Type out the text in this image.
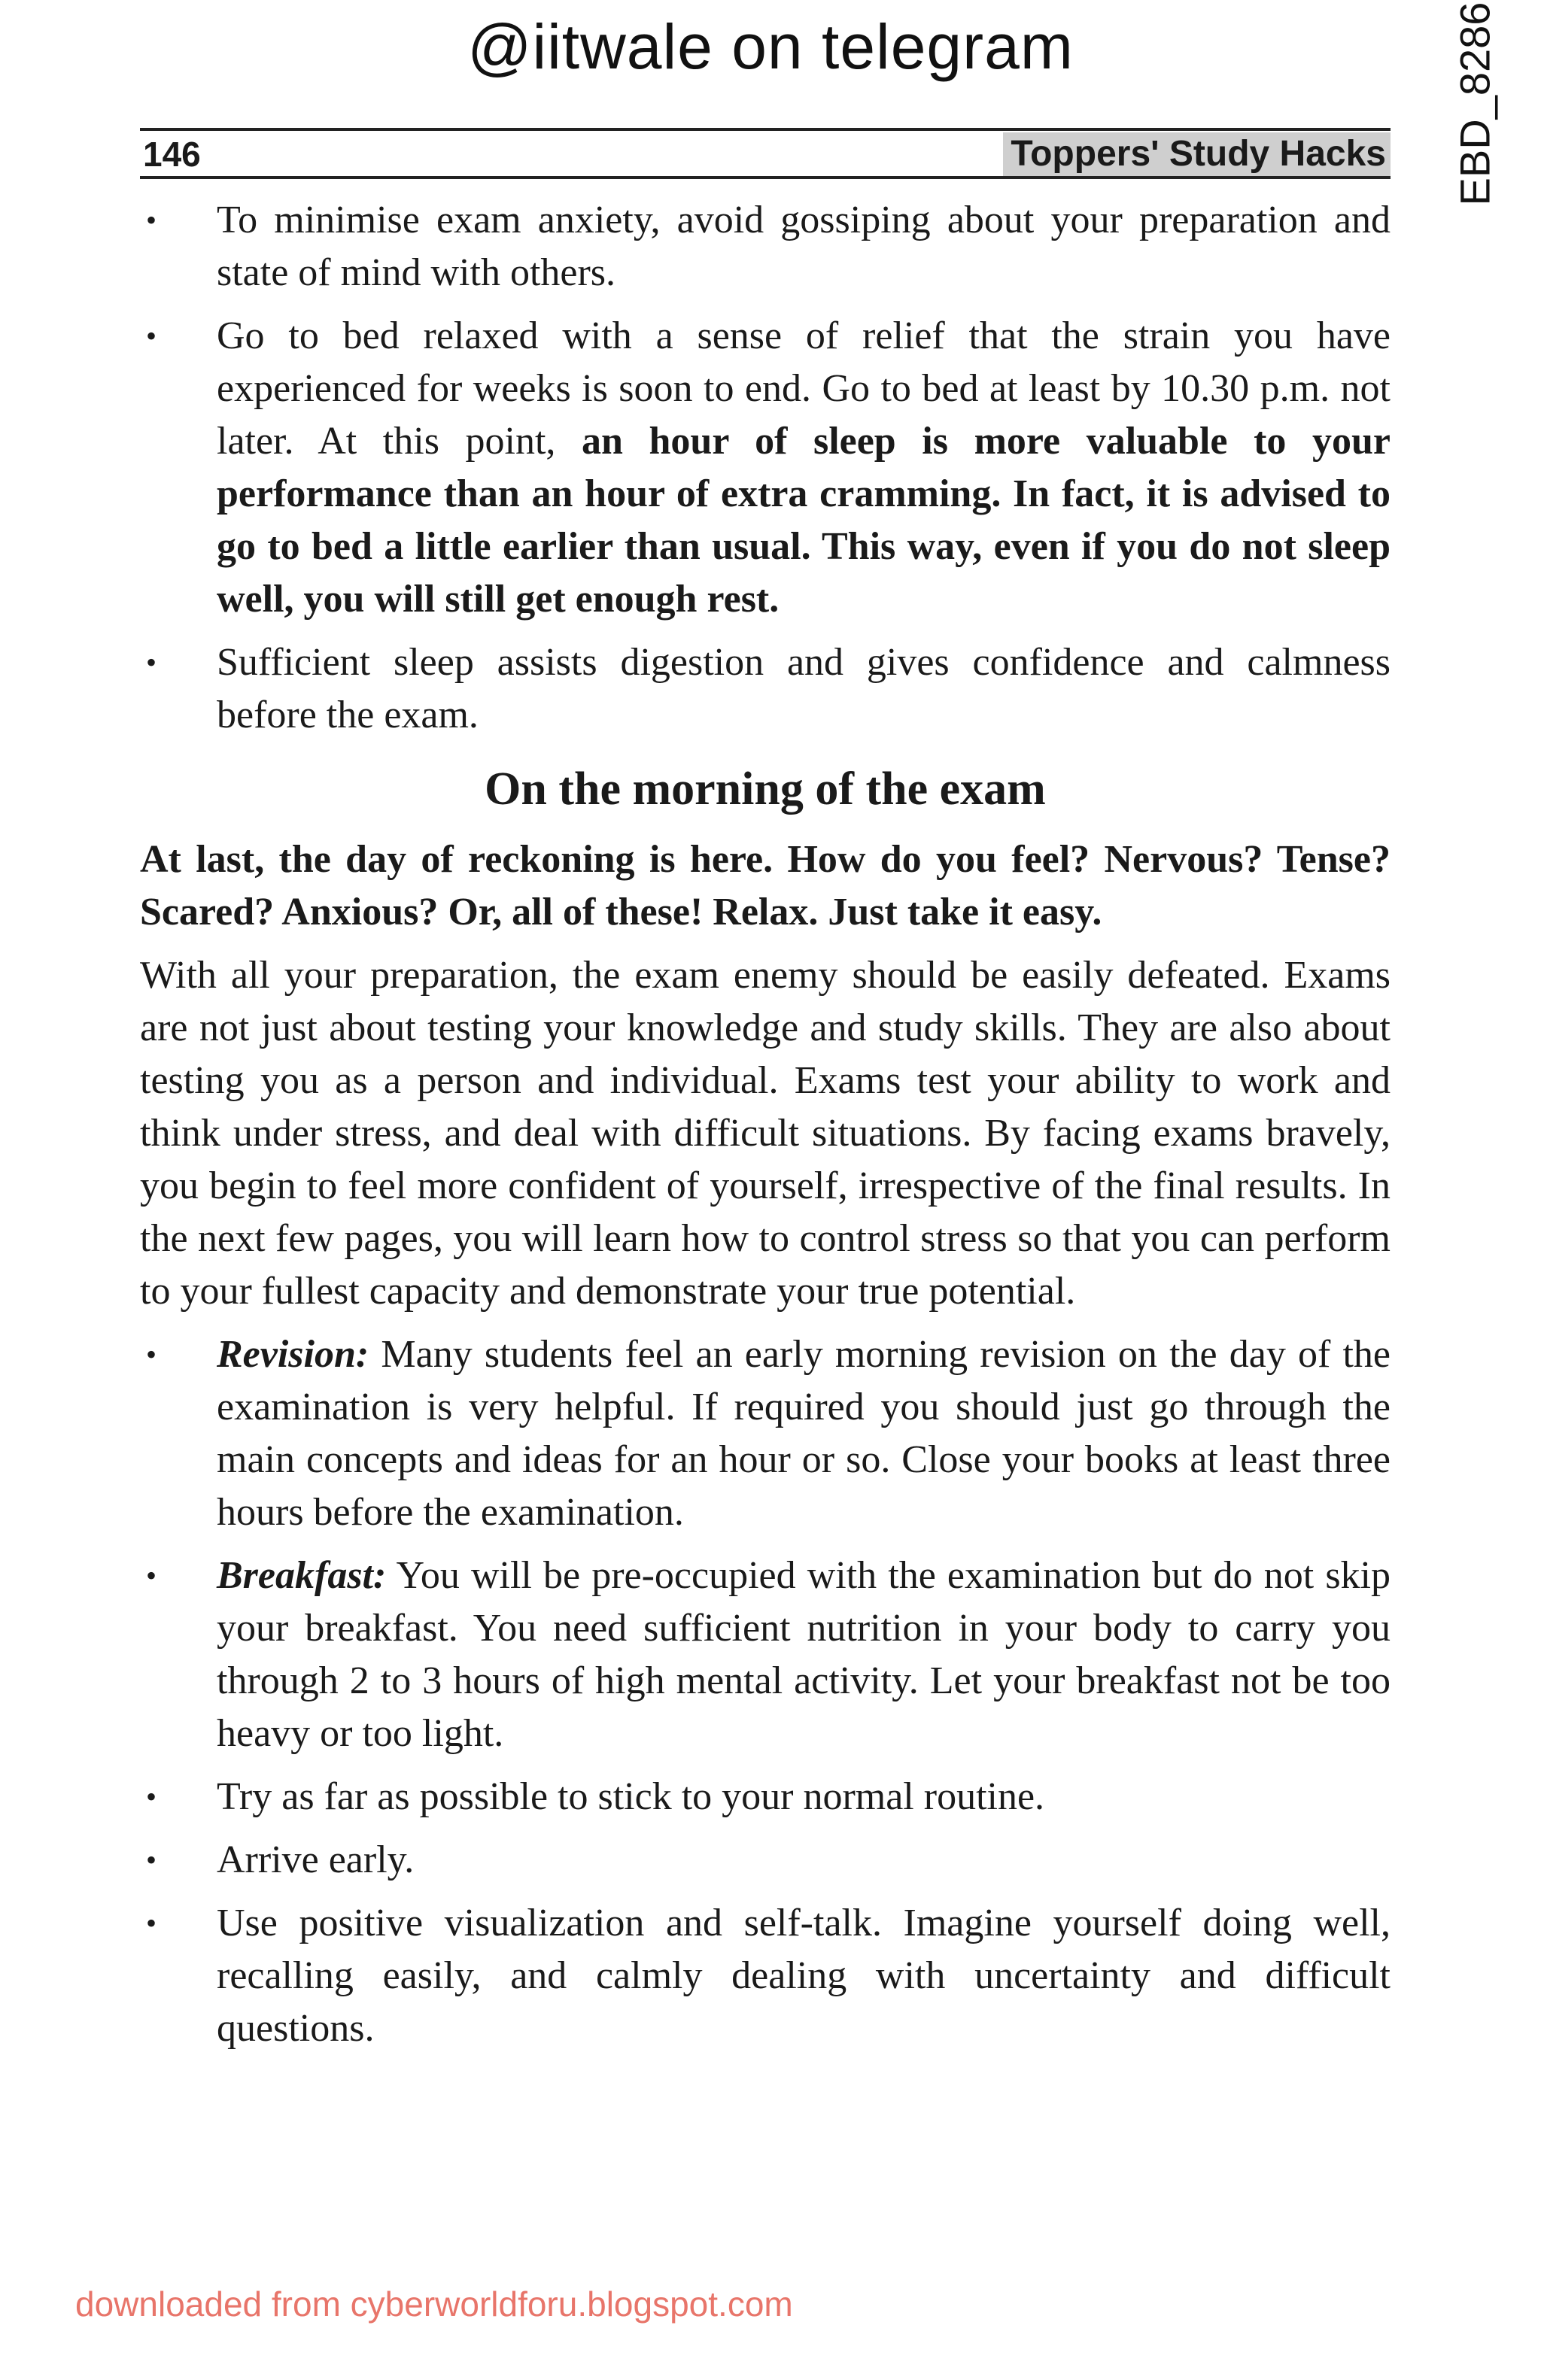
@iitwale on telegram	EBD_8286
146	Toppers' Study Hacks
• To minimise exam anxiety, avoid gossiping about your preparation and state of mind with others.
• Go to bed relaxed with a sense of relief that the strain you have experienced for weeks is soon to end. Go to bed at least by 10.30 p.m. not later. At this point, an hour of sleep is more valuable to your performance than an hour of extra cramming. In fact, it is advised to go to bed a little earlier than usual. This way, even if you do not sleep well, you will still get enough rest.
• Sufficient sleep assists digestion and gives confidence and calmness before the exam.
On the morning of the exam

At last, the day of reckoning is here. How do you feel? Nervous? Tense? Scared? Anxious? Or, all of these! Relax. Just take it easy.

With all your preparation, the exam enemy should be easily defeated. Exams are not just about testing your knowledge and study skills. They are also about testing you as a person and individual. Exams test your ability to work and think under stress, and deal with difficult situations. By facing exams bravely, you begin to feel more confident of yourself, irrespective of the final results. In the next few pages, you will learn how to control stress so that you can perform to your fullest capacity and demonstrate your true potential.

• Revision: Many students feel an early morning revision on the day of the examination is very helpful. If required you should just go through the main concepts and ideas for an hour or so. Close your books at least three hours before the examination.
• Breakfast: You will be pre-occupied with the examination but do not skip your breakfast. You need sufficient nutrition in your body to carry you through 2 to 3 hours of high mental activity. Let your breakfast not be too heavy or too light.
• Try as far as possible to stick to your normal routine.
• Arrive early.
• Use positive visualization and self-talk. Imagine yourself doing well, recalling easily, and calmly dealing with uncertainty and difficult questions.
downloaded from cyberworldforu.blogspot.com
